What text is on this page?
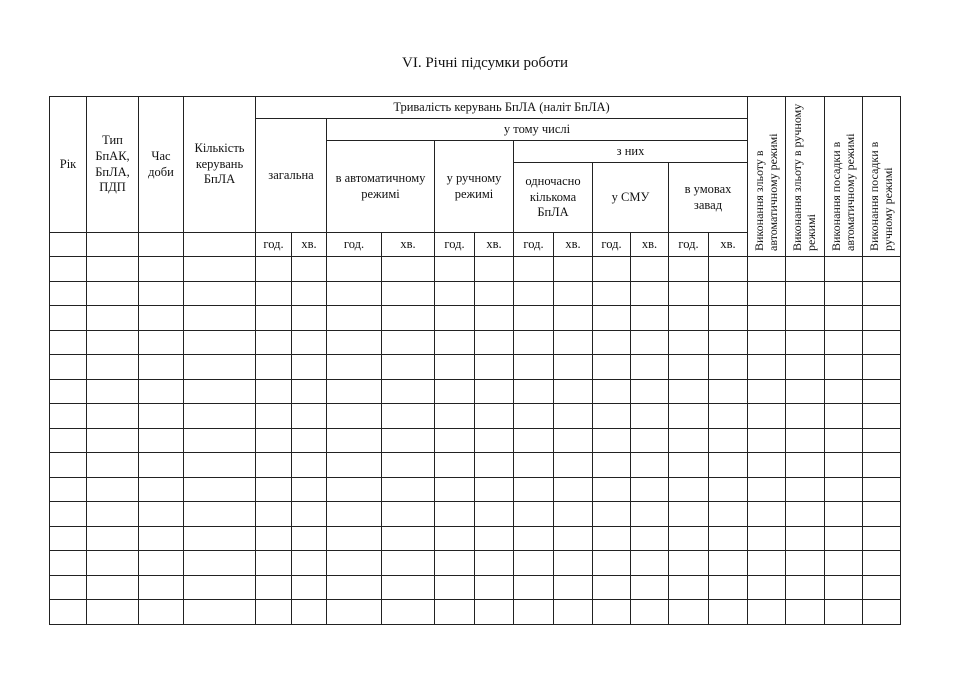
VI. Річні підсумки роботи
Рік	Тип БпАК, БпЛА, ПДП	Час доби	Кількість керувань БпЛА	Тривалість керувань БпЛА (наліт БпЛА)												Виконання зльоту в автоматичному режимі	Виконання зльоту в ручному режимі	Виконання посадки в автоматичному режимі	Виконання посадки в ручному режимі
				загальна		у тому числі													
						в автоматичному режимі		у ручному режимі		з них									
										одночасно кількома БпЛА		у СМУ		в умовах завад					

				год.	хв.	год.	хв.	год.	хв.	год.	хв.	год.	хв.	год.	хв.				
